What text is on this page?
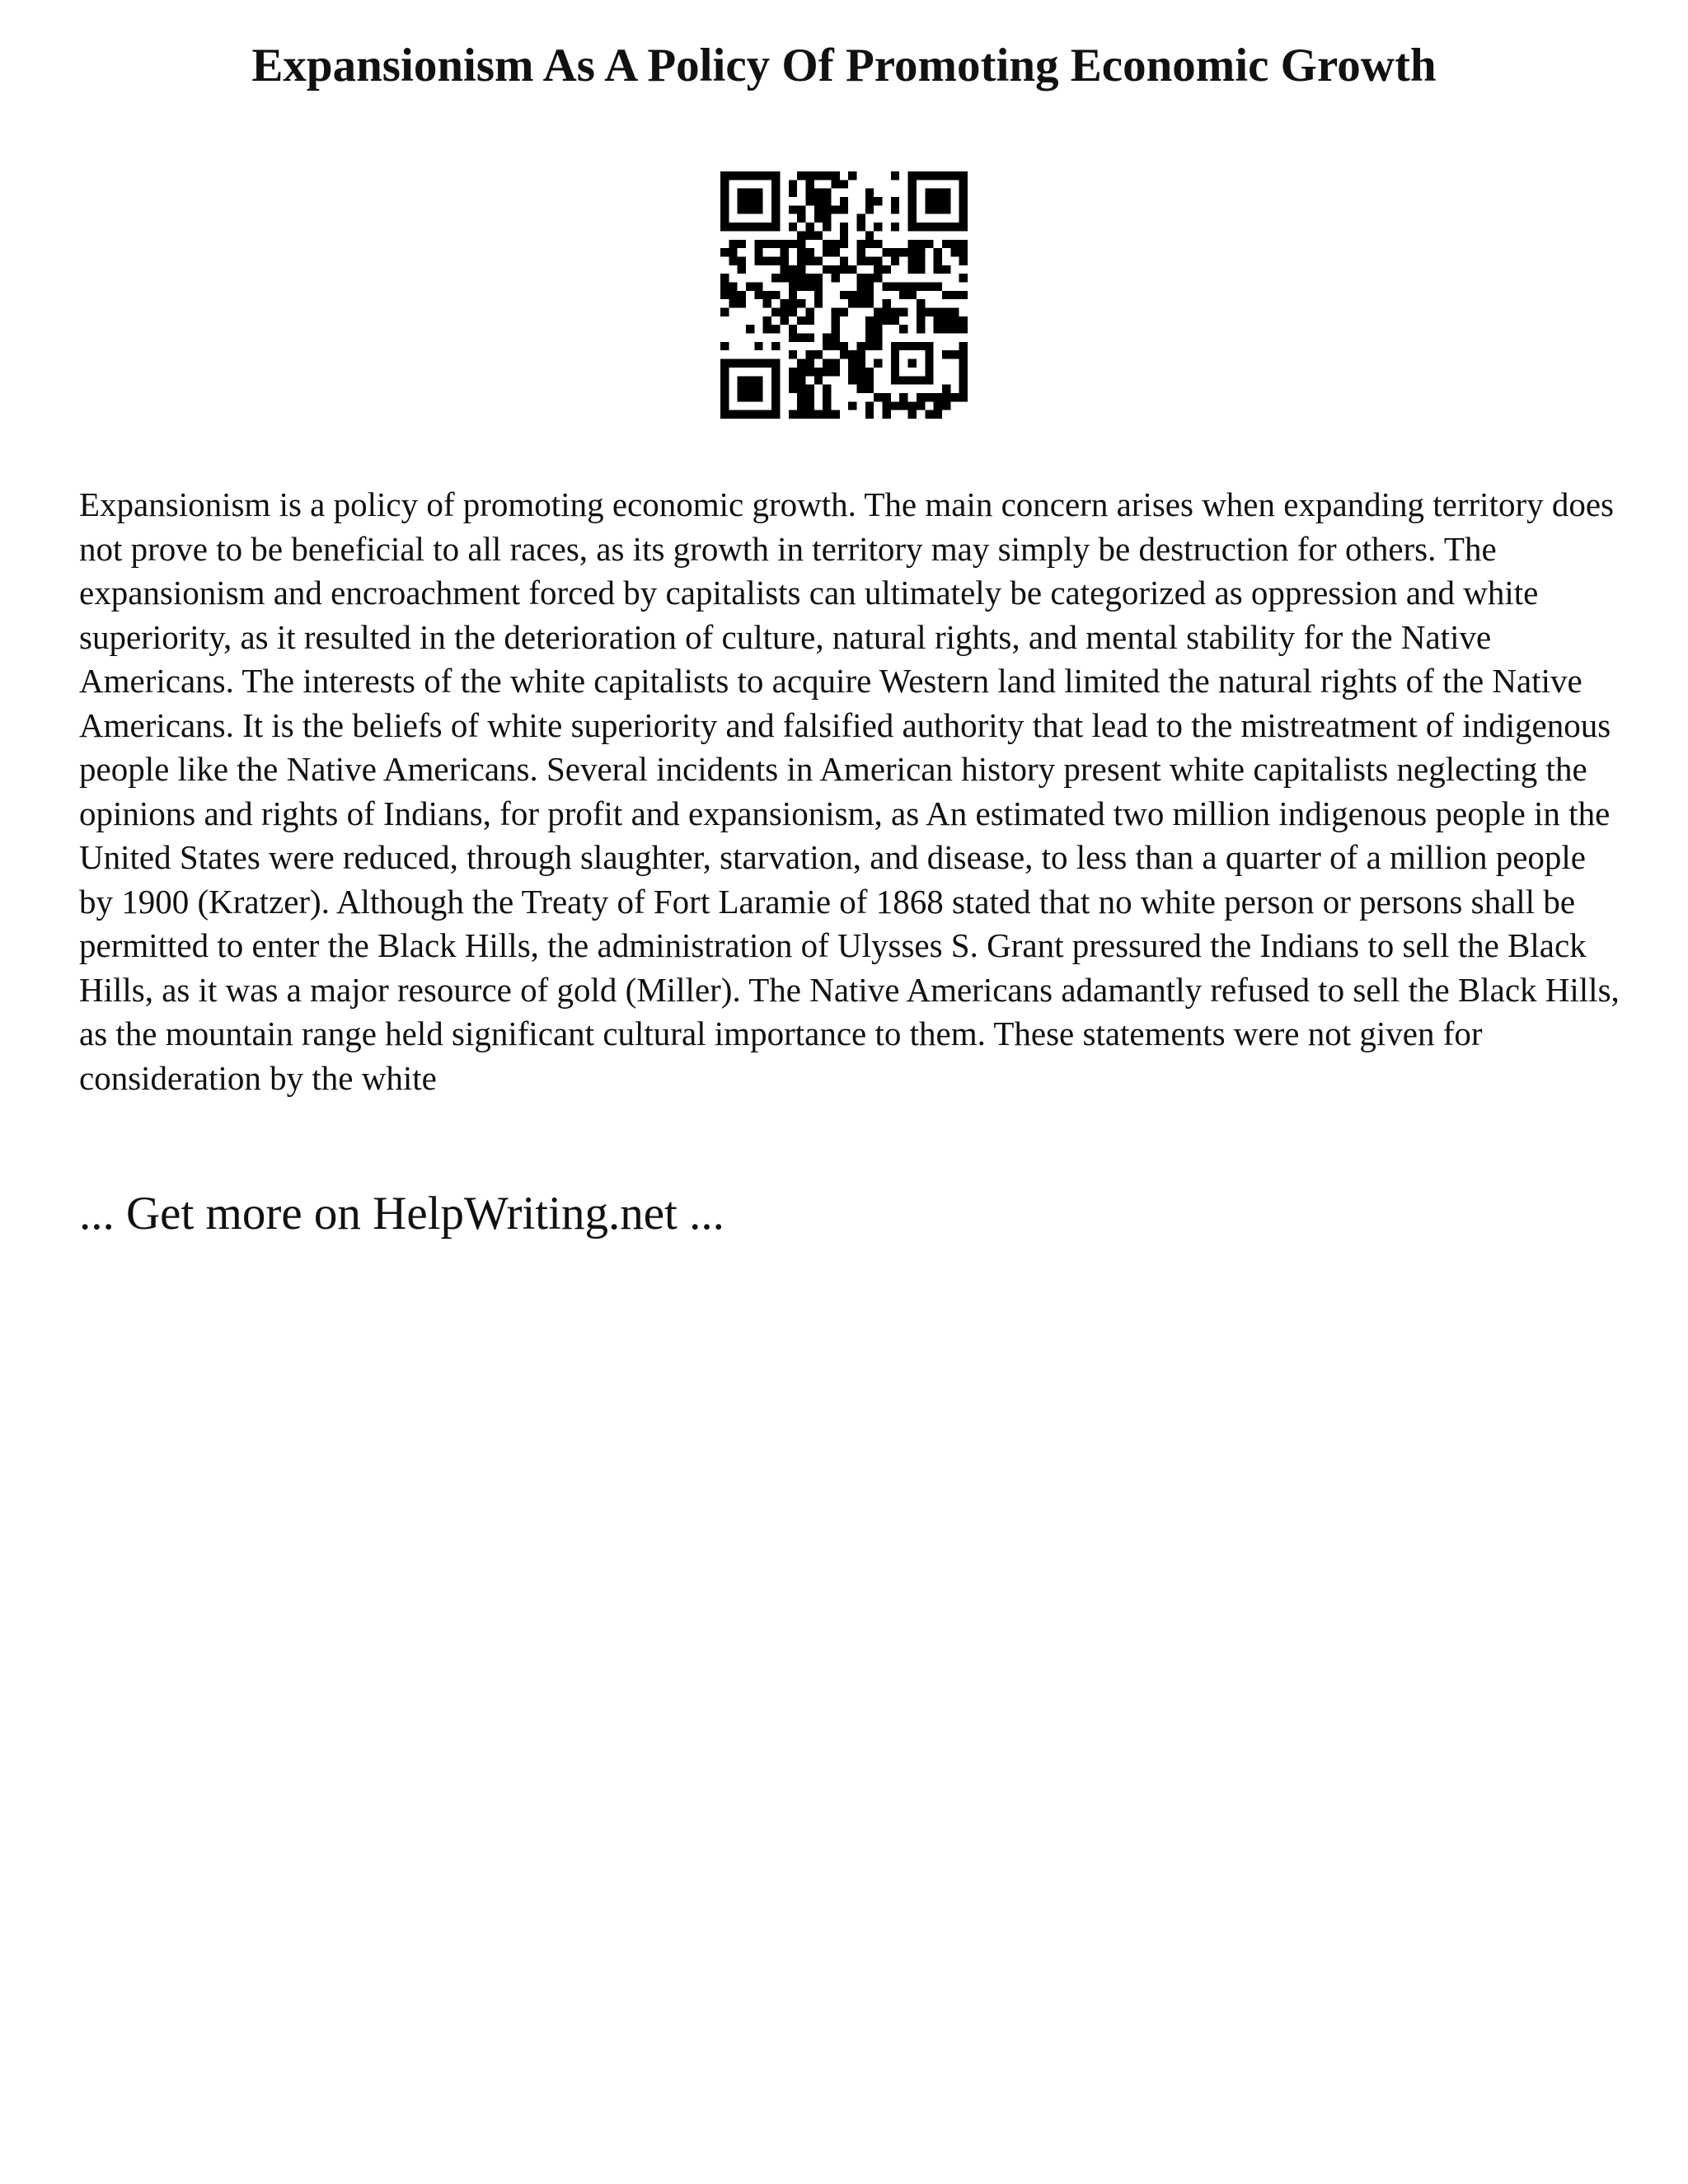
Expansionism As A Policy Of Promoting Economic Growth

Expansionism is a policy of promoting economic growth. The main concern arises when expanding territory does not prove to be beneficial to all races, as its growth in territory may simply be destruction for others. The expansionism and encroachment forced by capitalists can ultimately be categorized as oppression and white superiority, as it resulted in the deterioration of culture, natural rights, and mental stability for the Native Americans. The interests of the white capitalists to acquire Western land limited the natural rights of the Native Americans. It is the beliefs of white superiority and falsified authority that lead to the mistreatment of indigenous people like the Native Americans. Several incidents in American history present white capitalists neglecting the opinions and rights of Indians, for profit and expansionism, as An estimated two million indigenous people in the United States were reduced, through slaughter, starvation, and disease, to less than a quarter of a million people by 1900 (Kratzer). Although the Treaty of Fort Laramie of 1868 stated that no white person or persons shall be permitted to enter the Black Hills, the administration of Ulysses S. Grant pressured the Indians to sell the Black Hills, as it was a major resource of gold (Miller). The Native Americans adamantly refused to sell the Black Hills, as the mountain range held significant cultural importance to them. These statements were not given for consideration by the white

... Get more on HelpWriting.net ...
